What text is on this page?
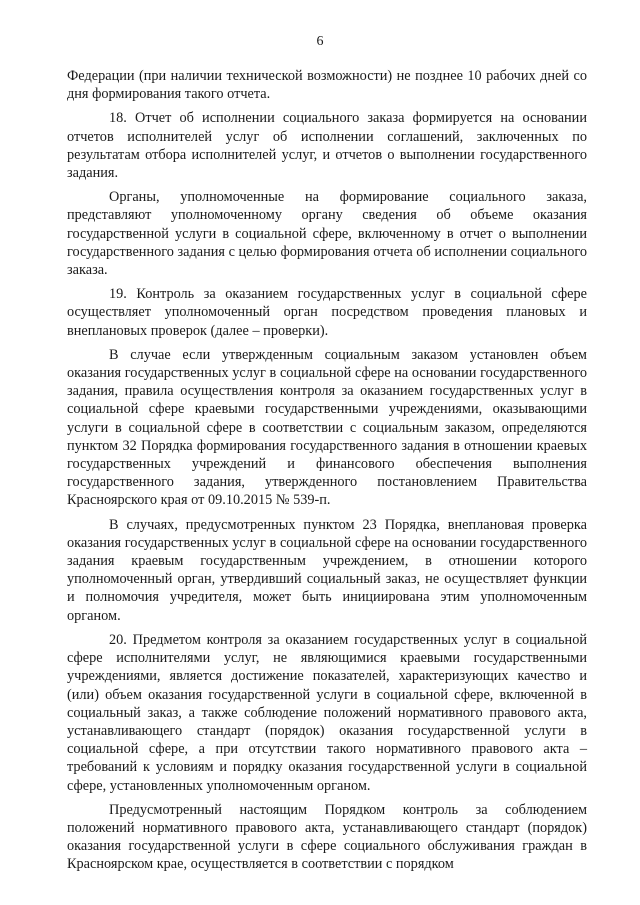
6

Федерации (при наличии технической возможности) не позднее 10 рабочих дней со дня формирования такого отчета.

18. Отчет об исполнении социального заказа формируется на основании отчетов исполнителей услуг об исполнении соглашений, заключенных по результатам отбора исполнителей услуг, и отчетов о выполнении государственного задания.

Органы, уполномоченные на формирование социального заказа, представляют уполномоченному органу сведения об объеме оказания государственной услуги в социальной сфере, включенному в отчет о выполнении государственного задания с целью формирования отчета об исполнении социального заказа.

19. Контроль за оказанием государственных услуг в социальной сфере осуществляет уполномоченный орган посредством проведения плановых и внеплановых проверок (далее – проверки).

В случае если утвержденным социальным заказом установлен объем оказания государственных услуг в социальной сфере на основании государственного задания, правила осуществления контроля за оказанием государственных услуг в социальной сфере краевыми государственными учреждениями, оказывающими услуги в социальной сфере в соответствии с социальным заказом, определяются пунктом 32 Порядка формирования государственного задания в отношении краевых государственных учреждений и финансового обеспечения выполнения государственного задания, утвержденного постановлением Правительства Красноярского края от 09.10.2015 № 539-п.

В случаях, предусмотренных пунктом 23 Порядка, внеплановая проверка оказания государственных услуг в социальной сфере на основании государственного задания краевым государственным учреждением, в отношении которого уполномоченный орган, утвердивший социальный заказ, не осуществляет функции и полномочия учредителя, может быть инициирована этим уполномоченным органом.

20. Предметом контроля за оказанием государственных услуг в социальной сфере исполнителями услуг, не являющимися краевыми государственными учреждениями, является достижение показателей, характеризующих качество и (или) объем оказания государственной услуги в социальной сфере, включенной в социальный заказ, а также соблюдение положений нормативного правового акта, устанавливающего стандарт (порядок) оказания государственной услуги в социальной сфере, а при отсутствии такого нормативного правового акта – требований к условиям и порядку оказания государственной услуги в социальной сфере, установленных уполномоченным органом.

Предусмотренный настоящим Порядком контроль за соблюдением положений нормативного правового акта, устанавливающего стандарт (порядок) оказания государственной услуги в сфере социального обслуживания граждан в Красноярском крае, осуществляется в соответствии с порядком
